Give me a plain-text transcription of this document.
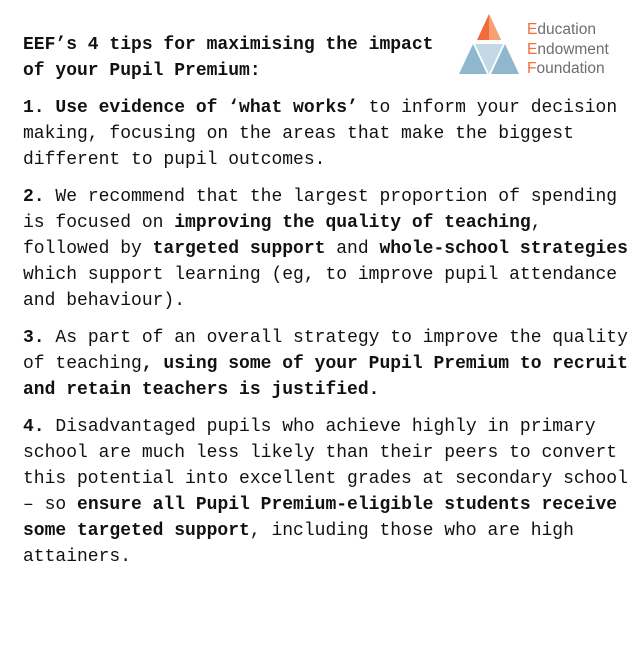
Education
Endowment
Foundation

EEF’s 4 tips for maximising the impact of your Pupil Premium:

1. Use evidence of ‘what works’ to inform your decision making, focusing on the areas that make the biggest different to pupil outcomes.

2. We recommend that the largest proportion of spending is focused on improving the quality of teaching, followed by targeted support and whole-school strategies which support learning (eg, to improve pupil attendance and behaviour).

3. As part of an overall strategy to improve the quality of teaching, using some of your Pupil Premium to recruit and retain teachers is justified.

4. Disadvantaged pupils who achieve highly in primary school are much less likely than their peers to convert this potential into excellent grades at secondary school – so ensure all Pupil Premium-eligible students receive some targeted support, including those who are high attainers.
